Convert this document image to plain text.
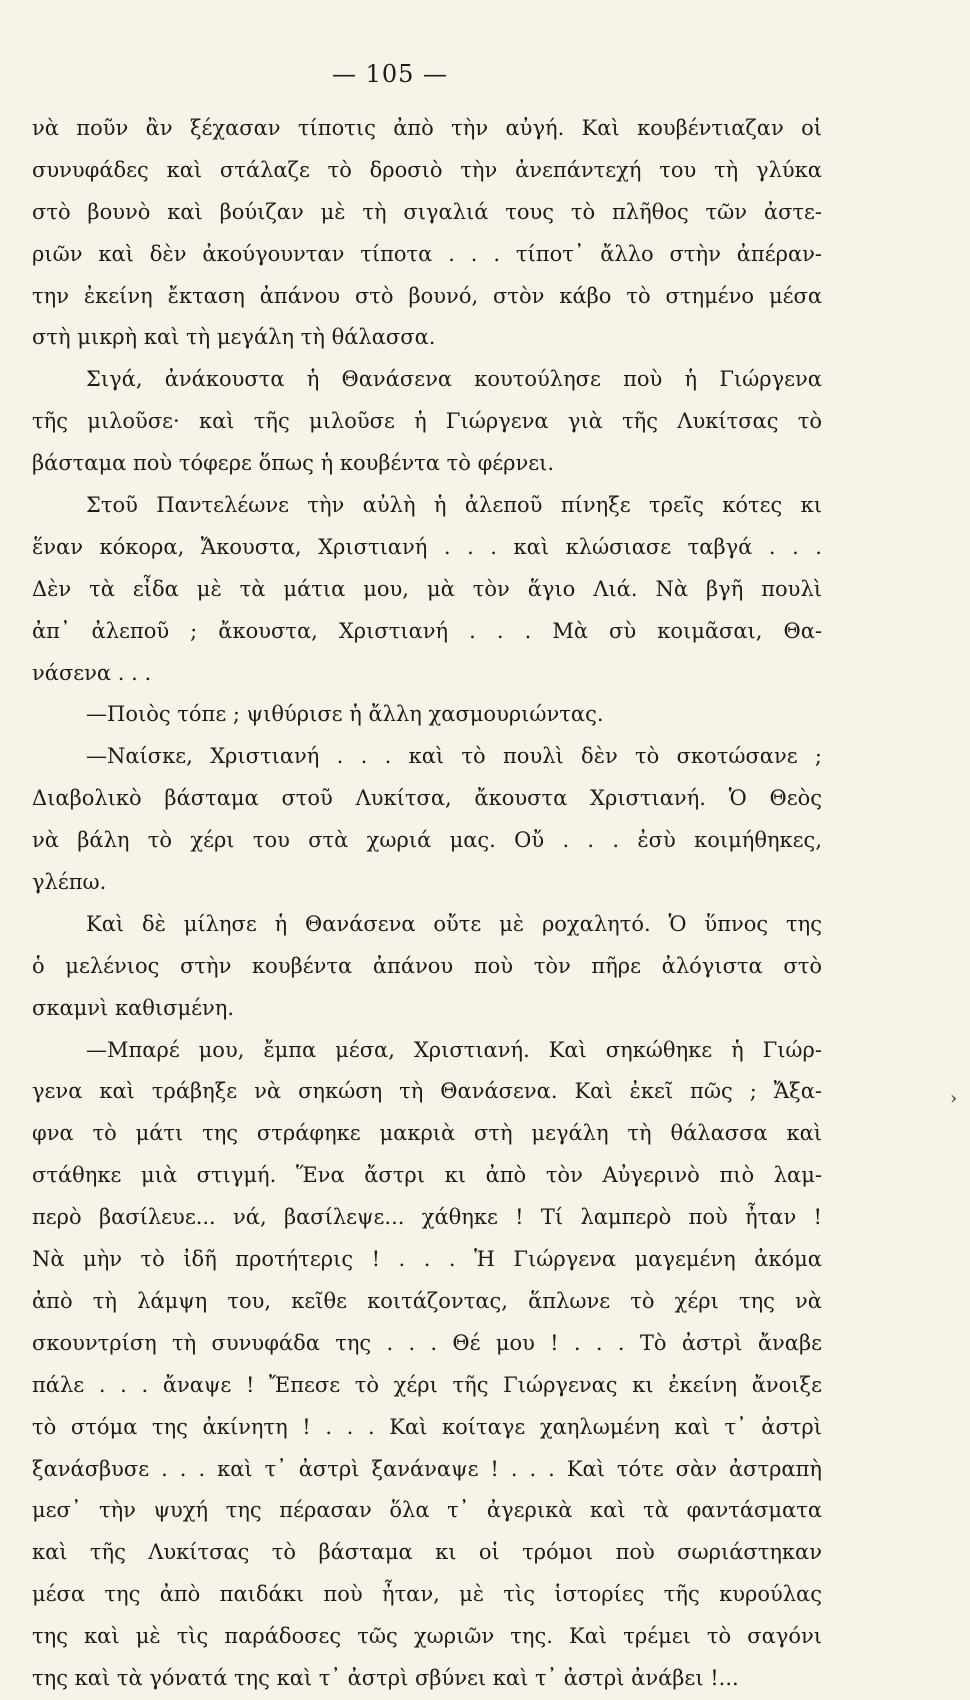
— 105 —
νὰ ποῦν ἂν ξέχασαν τίποτις ἀπὸ τὴν αὐγή. Καὶ κουβέντιαζαν οἱ
συνυφάδες καὶ στάλαζε τὸ δροσιὸ τὴν ἀνεπάντεχή του τὴ γλύκα
στὸ βουνὸ καὶ βούιζαν μὲ τὴ σιγαλιά τους τὸ πλῆθος τῶν ἀστε-
ριῶν καὶ δὲν ἀκούγουνταν τίποτα . . . τίποτ᾽ ἄλλο στὴν ἀπέραν-
την ἐκείνη ἔκταση ἀπάνου στὸ βουνό, στὸν κάβο τὸ στημένο μέσα
στὴ μικρὴ καὶ τὴ μεγάλη τὴ θάλασσα.
Σιγά, ἀνάκουστα ἡ Θανάσενα κουτούλησε ποὺ ἡ Γιώργενα
τῆς μιλοῦσε· καὶ τῆς μιλοῦσε ἡ Γιώργενα γιὰ τῆς Λυκίτσας τὸ
βάσταμα ποὺ τόφερε ὅπως ἡ κουβέντα τὸ φέρνει.
Στοῦ Παντελέωνε τὴν αὐλὴ ἡ ἀλεποῦ πίνηξε τρεῖς κότες κι
ἕναν κόκορα, Ἄκουστα, Χριστιανή . . . καὶ κλώσιασε ταβγά . . .
Δὲν τὰ εἶδα μὲ τὰ μάτια μου, μὰ τὸν ἅγιο Λιά. Νὰ βγῆ πουλὶ
ἀπ᾽ ἀλεποῦ ; ἄκουστα, Χριστιανή . . . Μὰ σὺ κοιμᾶσαι, Θα-
νάσενα . . .
—Ποιὸς τόπε ; ψιθύρισε ἡ ἄλλη χασμουριώντας.
—Ναίσκε, Χριστιανή . . . καὶ τὸ πουλὶ δὲν τὸ σκοτώσανε ;
Διαβολικὸ βάσταμα στοῦ Λυκίτσα, ἄκουστα Χριστιανή. Ὁ Θεὸς
νὰ βάλη τὸ χέρι του στὰ χωριά μας. Οὔ . . . ἐσὺ κοιμήθηκες,
γλέπω.
Καὶ δὲ μίλησε ἡ Θανάσενα οὔτε μὲ ροχαλητό. Ὁ ὕπνος της
ὁ μελένιος στὴν κουβέντα ἀπάνου ποὺ τὸν πῆρε ἀλόγιστα στὸ
σκαμνὶ καθισμένη.
—Μπαρέ μου, ἔμπα μέσα, Χριστιανή. Καὶ σηκώθηκε ἡ Γιώρ-
γενα καὶ τράβηξε νὰ σηκώση τὴ Θανάσενα. Καὶ ἐκεῖ πῶς ; Ἄξα-
φνα τὸ μάτι της στράφηκε μακριὰ στὴ μεγάλη τὴ θάλασσα καὶ
στάθηκε μιὰ στιγμή. Ἕνα ἄστρι κι ἀπὸ τὸν Αὐγερινὸ πιὸ λαμ-
περὸ βασίλευε... νά, βασίλεψε... χάθηκε ! Τί λαμπερὸ ποὺ ἦταν !
Νὰ μὴν τὸ ἰδῆ προτήτερις ! . . . Ἡ Γιώργενα μαγεμένη ἀκόμα
ἀπὸ τὴ λάμψη του, κεῖθε κοιτάζοντας, ἅπλωνε τὸ χέρι της νὰ
σκουντρίση τὴ συνυφάδα της . . . Θέ μου ! . . . Τὸ ἀστρὶ ἄναβε
πάλε . . . ἄναψε ! Ἔπεσε τὸ χέρι τῆς Γιώργενας κι ἐκείνη ἄνοιξε
τὸ στόμα της ἀκίνητη ! . . . Καὶ κοίταγε χαηλωμένη καὶ τ᾽ ἀστρὶ
ξανάσβυσε . . . καὶ τ᾽ ἀστρὶ ξανάναψε ! . . . Καὶ τότε σὰν ἀστραπὴ
μεσ᾽ τὴν ψυχή της πέρασαν ὅλα τ᾽ ἀγερικὰ καὶ τὰ φαντάσματα
καὶ τῆς Λυκίτσας τὸ βάσταμα κι οἱ τρόμοι ποὺ σωριάστηκαν
μέσα της ἀπὸ παιδάκι ποὺ ἦταν, μὲ τὶς ἱστορίες τῆς κυρούλας
της καὶ μὲ τὶς παράδοσες τῶς χωριῶν της. Καὶ τρέμει τὸ σαγόνι
της καὶ τὰ γόνατά της καὶ τ᾽ ἀστρὶ σβύνει καὶ τ᾽ ἀστρὶ ἀνάβει !...
›
